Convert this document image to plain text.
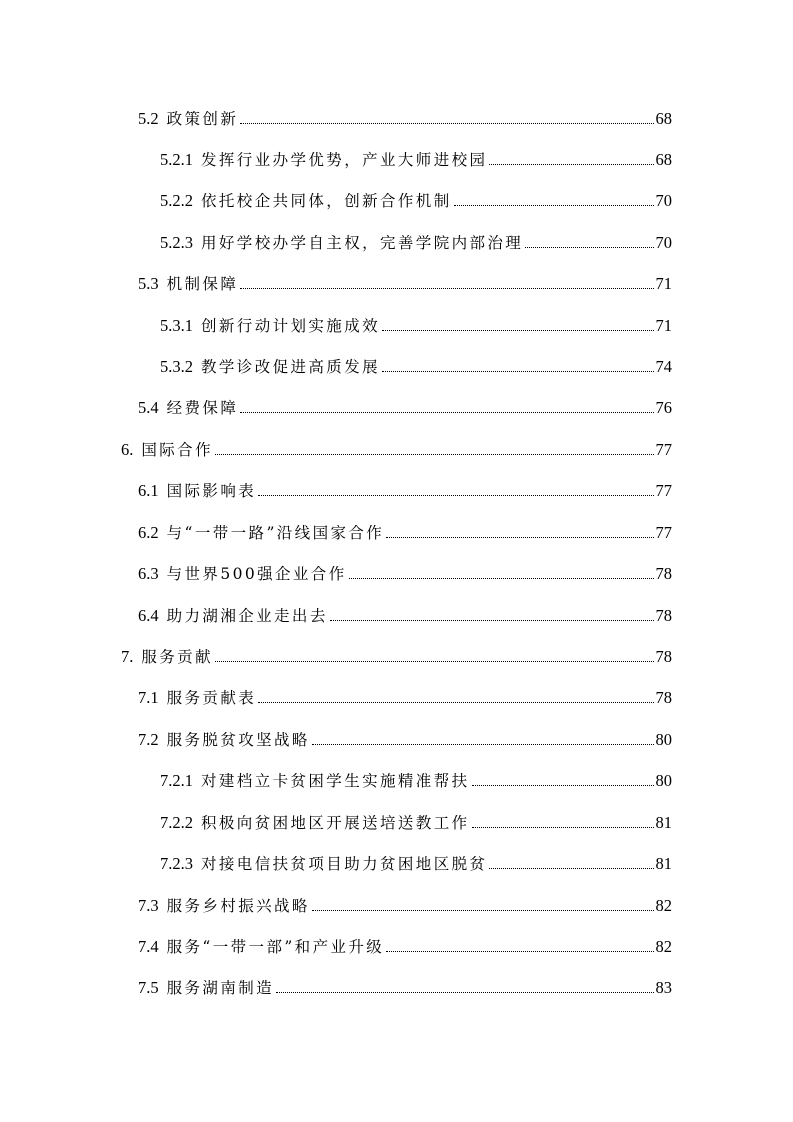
5.2 政策创新	68
5.2.1 发挥行业办学优势，产业大师进校园	68
5.2.2 依托校企共同体，创新合作机制	70
5.2.3 用好学校办学自主权，完善学院内部治理	70
5.3 机制保障	71
5.3.1 创新行动计划实施成效	71
5.3.2 教学诊改促进高质发展	74
5.4 经费保障	76
6. 国际合作	77
6.1 国际影响表	77
6.2 与“一带一路”沿线国家合作	77
6.3 与世界500强企业合作	78
6.4 助力湖湘企业走出去	78
7. 服务贡献	78
7.1 服务贡献表	78
7.2 服务脱贫攻坚战略	80
7.2.1 对建档立卡贫困学生实施精准帮扶	80
7.2.2 积极向贫困地区开展送培送教工作	81
7.2.3 对接电信扶贫项目助力贫困地区脱贫	81
7.3 服务乡村振兴战略	82
7.4 服务“一带一部”和产业升级	82
7.5 服务湖南制造	83
